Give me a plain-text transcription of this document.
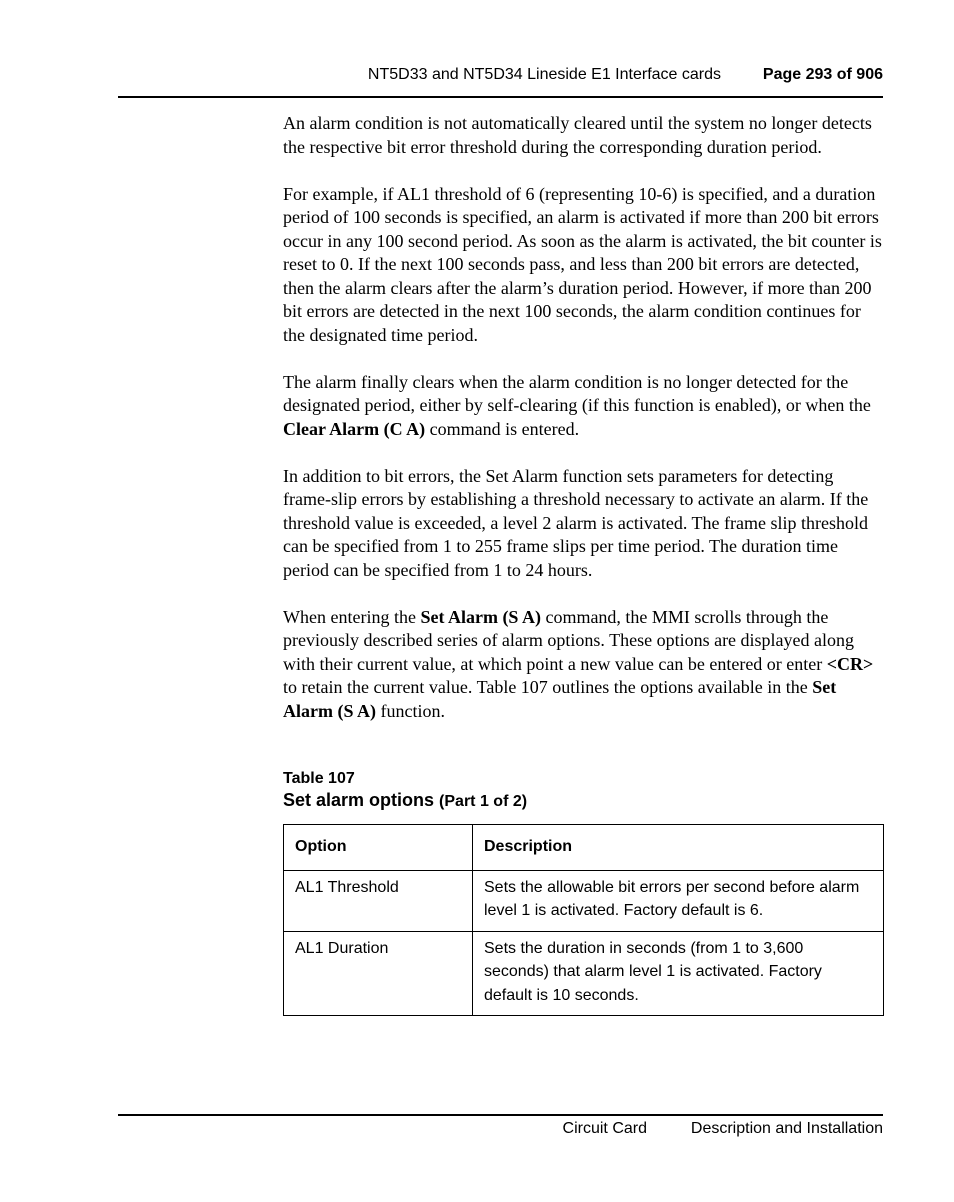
NT5D33 and NT5D34 Lineside E1 Interface cards	Page 293 of 906

An alarm condition is not automatically cleared until the system no longer detects the respective bit error threshold during the corresponding duration period.

For example, if AL1 threshold of 6 (representing 10-6) is specified, and a duration period of 100 seconds is specified, an alarm is activated if more than 200 bit errors occur in any 100 second period. As soon as the alarm is activated, the bit counter is reset to 0. If the next 100 seconds pass, and less than 200 bit errors are detected, then the alarm clears after the alarm’s duration period. However, if more than 200 bit errors are detected in the next 100 seconds, the alarm condition continues for the designated time period.

The alarm finally clears when the alarm condition is no longer detected for the designated period, either by self-clearing (if this function is enabled), or when the Clear Alarm (C A) command is entered.

In addition to bit errors, the Set Alarm function sets parameters for detecting frame-slip errors by establishing a threshold necessary to activate an alarm. If the threshold value is exceeded, a level 2 alarm is activated. The frame slip threshold can be specified from 1 to 255 frame slips per time period. The duration time period can be specified from 1 to 24 hours.

When entering the Set Alarm (S A) command, the MMI scrolls through the previously described series of alarm options. These options are displayed along with their current value, at which point a new value can be entered or enter <CR> to retain the current value. Table 107 outlines the options available in the Set Alarm (S A) function.

Table 107
Set alarm options (Part 1 of 2)
Option	Description
AL1 Threshold	Sets the allowable bit errors per second before alarm level 1 is activated. Factory default is 6.
AL1 Duration	Sets the duration in seconds (from 1 to 3,600 seconds) that alarm level 1 is activated. Factory default is 10 seconds.
Circuit Card	Description and Installation
